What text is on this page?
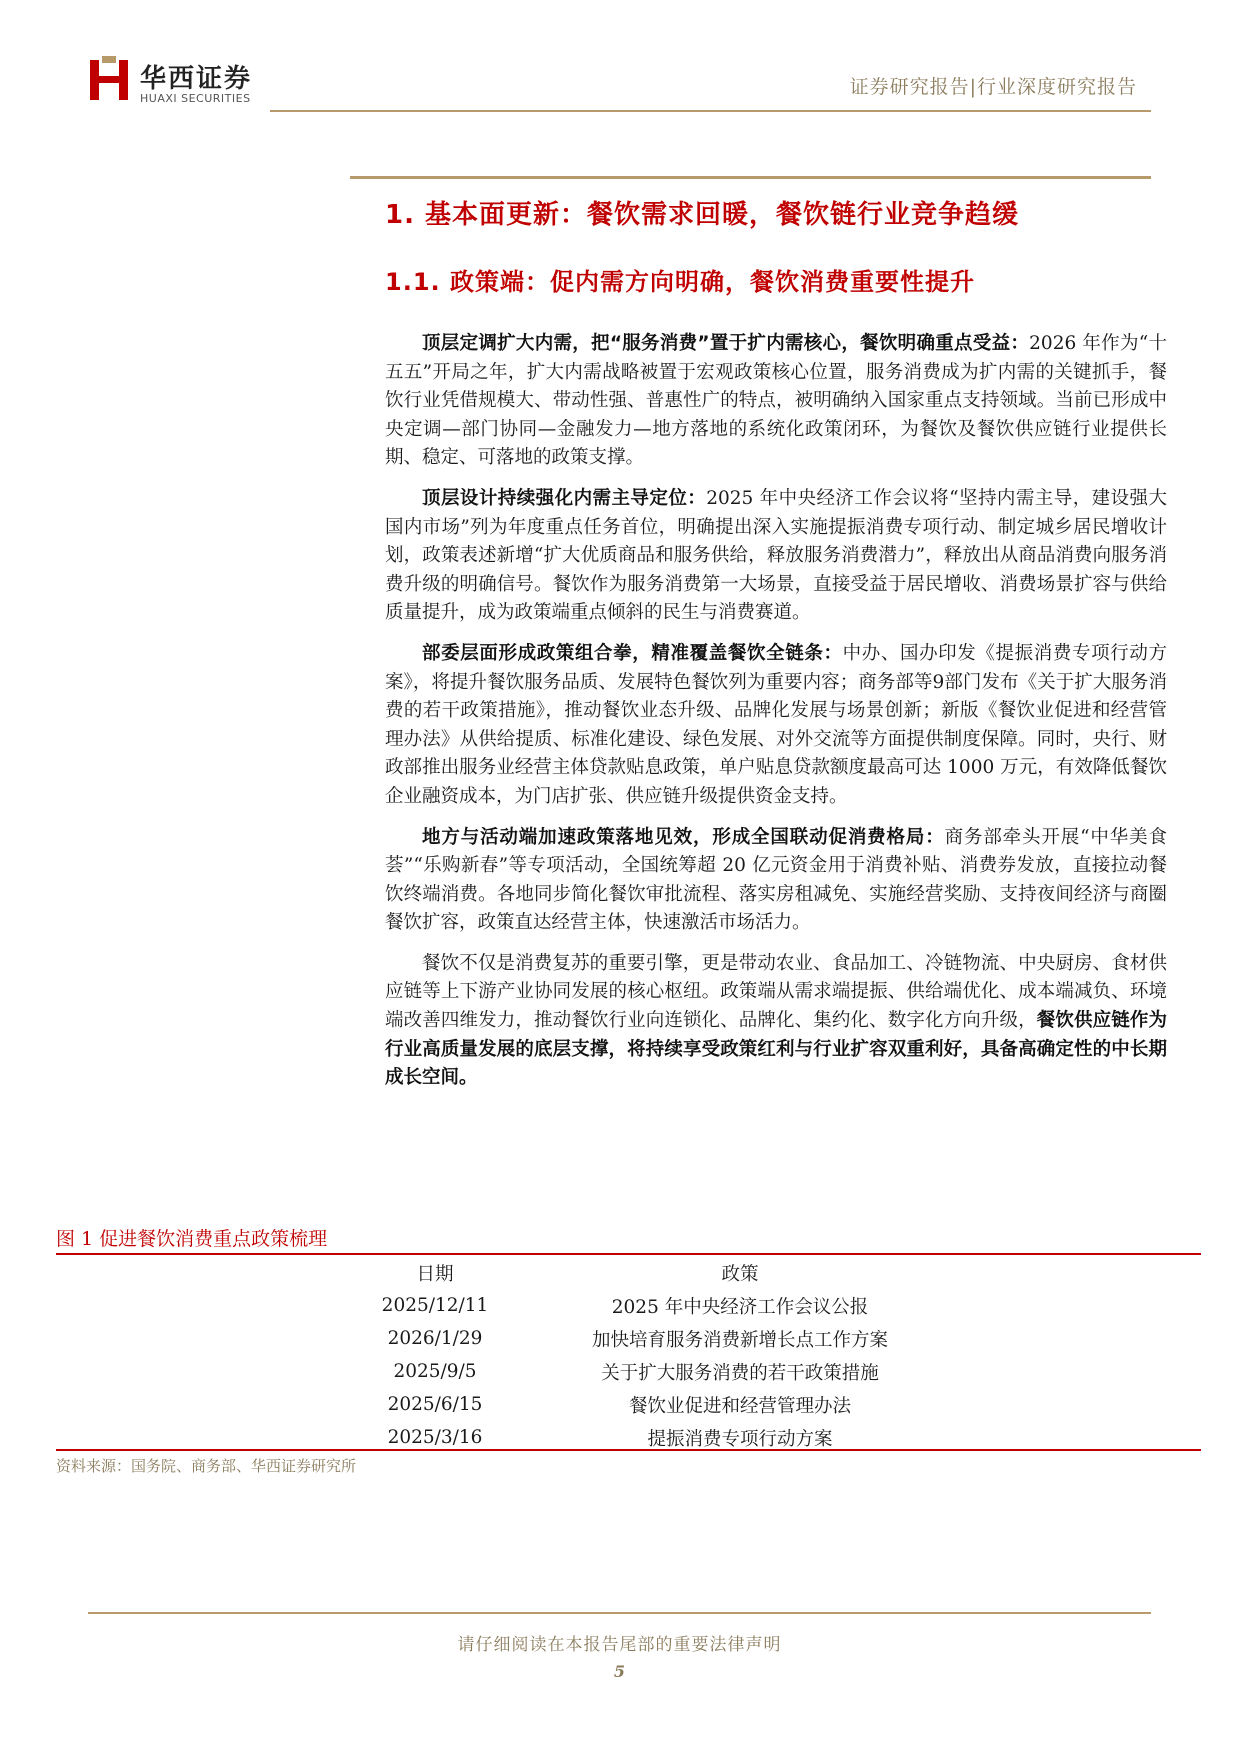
华西证券
HUAXI SECURITIES
证券研究报告|行业深度研究报告
1. 基本面更新：餐饮需求回暖，餐饮链行业竞争趋缓
1.1. 政策端：促内需方向明确，餐饮消费重要性提升

顶层定调扩大内需，把“服务消费”置于扩内需核心，餐饮明确重点受益：2026 年作为“十五五”开局之年，扩大内需战略被置于宏观政策核心位置，服务消费成为扩内需的关键抓手，餐饮行业凭借规模大、带动性强、普惠性广的特点，被明确纳入国家重点支持领域。当前已形成中央定调—部门协同—金融发力—地方落地的系统化政策闭环，为餐饮及餐饮供应链行业提供长期、稳定、可落地的政策支撑。

顶层设计持续强化内需主导定位：2025 年中央经济工作会议将“坚持内需主导，建设强大国内市场”列为年度重点任务首位，明确提出深入实施提振消费专项行动、制定城乡居民增收计划，政策表述新增“扩大优质商品和服务供给，释放服务消费潜力”，释放出从商品消费向服务消费升级的明确信号。餐饮作为服务消费第一大场景，直接受益于居民增收、消费场景扩容与供给质量提升，成为政策端重点倾斜的民生与消费赛道。

部委层面形成政策组合拳，精准覆盖餐饮全链条：中办、国办印发《提振消费专项行动方案》，将提升餐饮服务品质、发展特色餐饮列为重要内容；商务部等9部门发布《关于扩大服务消费的若干政策措施》，推动餐饮业态升级、品牌化发展与场景创新；新版《餐饮业促进和经营管理办法》从供给提质、标准化建设、绿色发展、对外交流等方面提供制度保障。同时，央行、财政部推出服务业经营主体贷款贴息政策，单户贴息贷款额度最高可达 1000 万元，有效降低餐饮企业融资成本，为门店扩张、供应链升级提供资金支持。

地方与活动端加速政策落地见效，形成全国联动促消费格局：商务部牵头开展“中华美食荟”“乐购新春”等专项活动，全国统筹超 20 亿元资金用于消费补贴、消费券发放，直接拉动餐饮终端消费。各地同步简化餐饮审批流程、落实房租减免、实施经营奖励、支持夜间经济与商圈餐饮扩容，政策直达经营主体，快速激活市场活力。

餐饮不仅是消费复苏的重要引擎，更是带动农业、食品加工、冷链物流、中央厨房、食材供应链等上下游产业协同发展的核心枢纽。政策端从需求端提振、供给端优化、成本端减负、环境端改善四维发力，推动餐饮行业向连锁化、品牌化、集约化、数字化方向升级，餐饮供应链作为行业高质量发展的底层支撑，将持续享受政策红利与行业扩容双重利好，具备高确定性的中长期成长空间。

图 1 促进餐饮消费重点政策梳理
日期	政策
2025/12/11	2025 年中央经济工作会议公报
2026/1/29	加快培育服务消费新增长点工作方案
2025/9/5	关于扩大服务消费的若干政策措施
2025/6/15	餐饮业促进和经营管理办法
2025/3/16	提振消费专项行动方案
资料来源：国务院、商务部、华西证券研究所
请仔细阅读在本报告尾部的重要法律声明
5
